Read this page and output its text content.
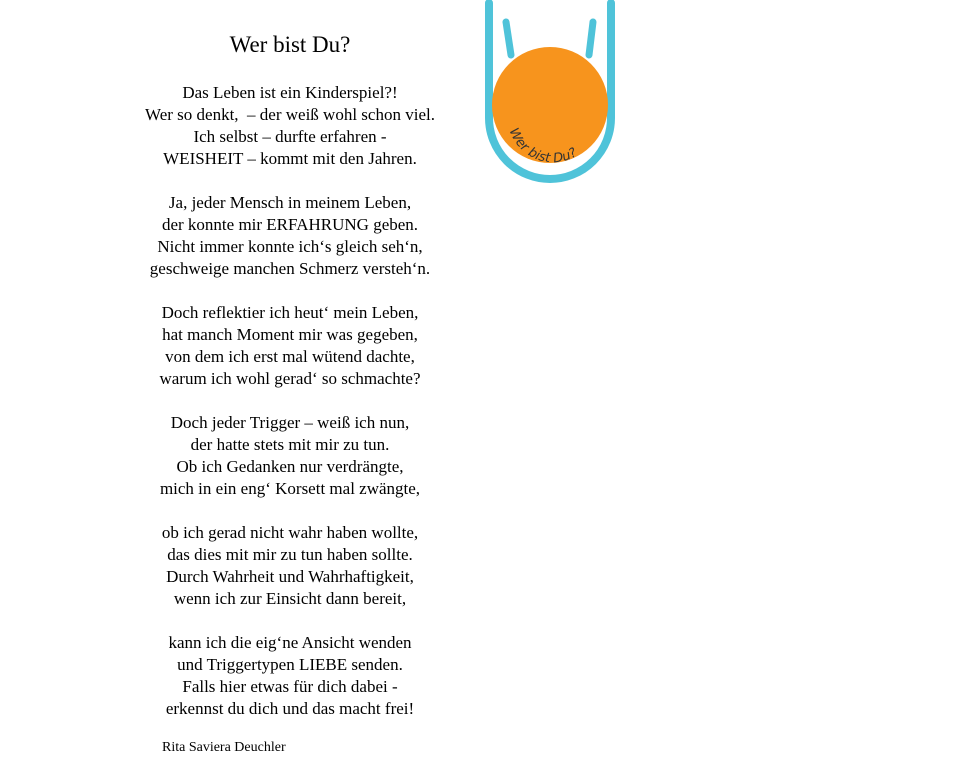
Wer bist Du?
Das Leben ist ein Kinderspiel?!
Wer so denkt,  – der weiß wohl schon viel.
Ich selbst – durfte erfahren -
WEISHEIT – kommt mit den Jahren.
Ja, jeder Mensch in meinem Leben,
der konnte mir ERFAHRUNG geben.
Nicht immer konnte ich‘s gleich seh‘n,
geschweige manchen Schmerz versteh‘n.
Doch reflektier ich heut‘ mein Leben,
hat manch Moment mir was gegeben,
von dem ich erst mal wütend dachte,
warum ich wohl gerad‘ so schmachte?
Doch jeder Trigger – weiß ich nun,
der hatte stets mit mir zu tun.
Ob ich Gedanken nur verdrängte,
mich in ein eng‘ Korsett mal zwängte,
ob ich gerad nicht wahr haben wollte,
das dies mit mir zu tun haben sollte.
Durch Wahrheit und Wahrhaftigkeit,
wenn ich zur Einsicht dann bereit,
kann ich die eig‘ne Ansicht wenden
und Triggertypen LIEBE senden.
Falls hier etwas für dich dabei -
erkennst du dich und das macht frei!
Rita Saviera Deuchler
Wer bist Du?
